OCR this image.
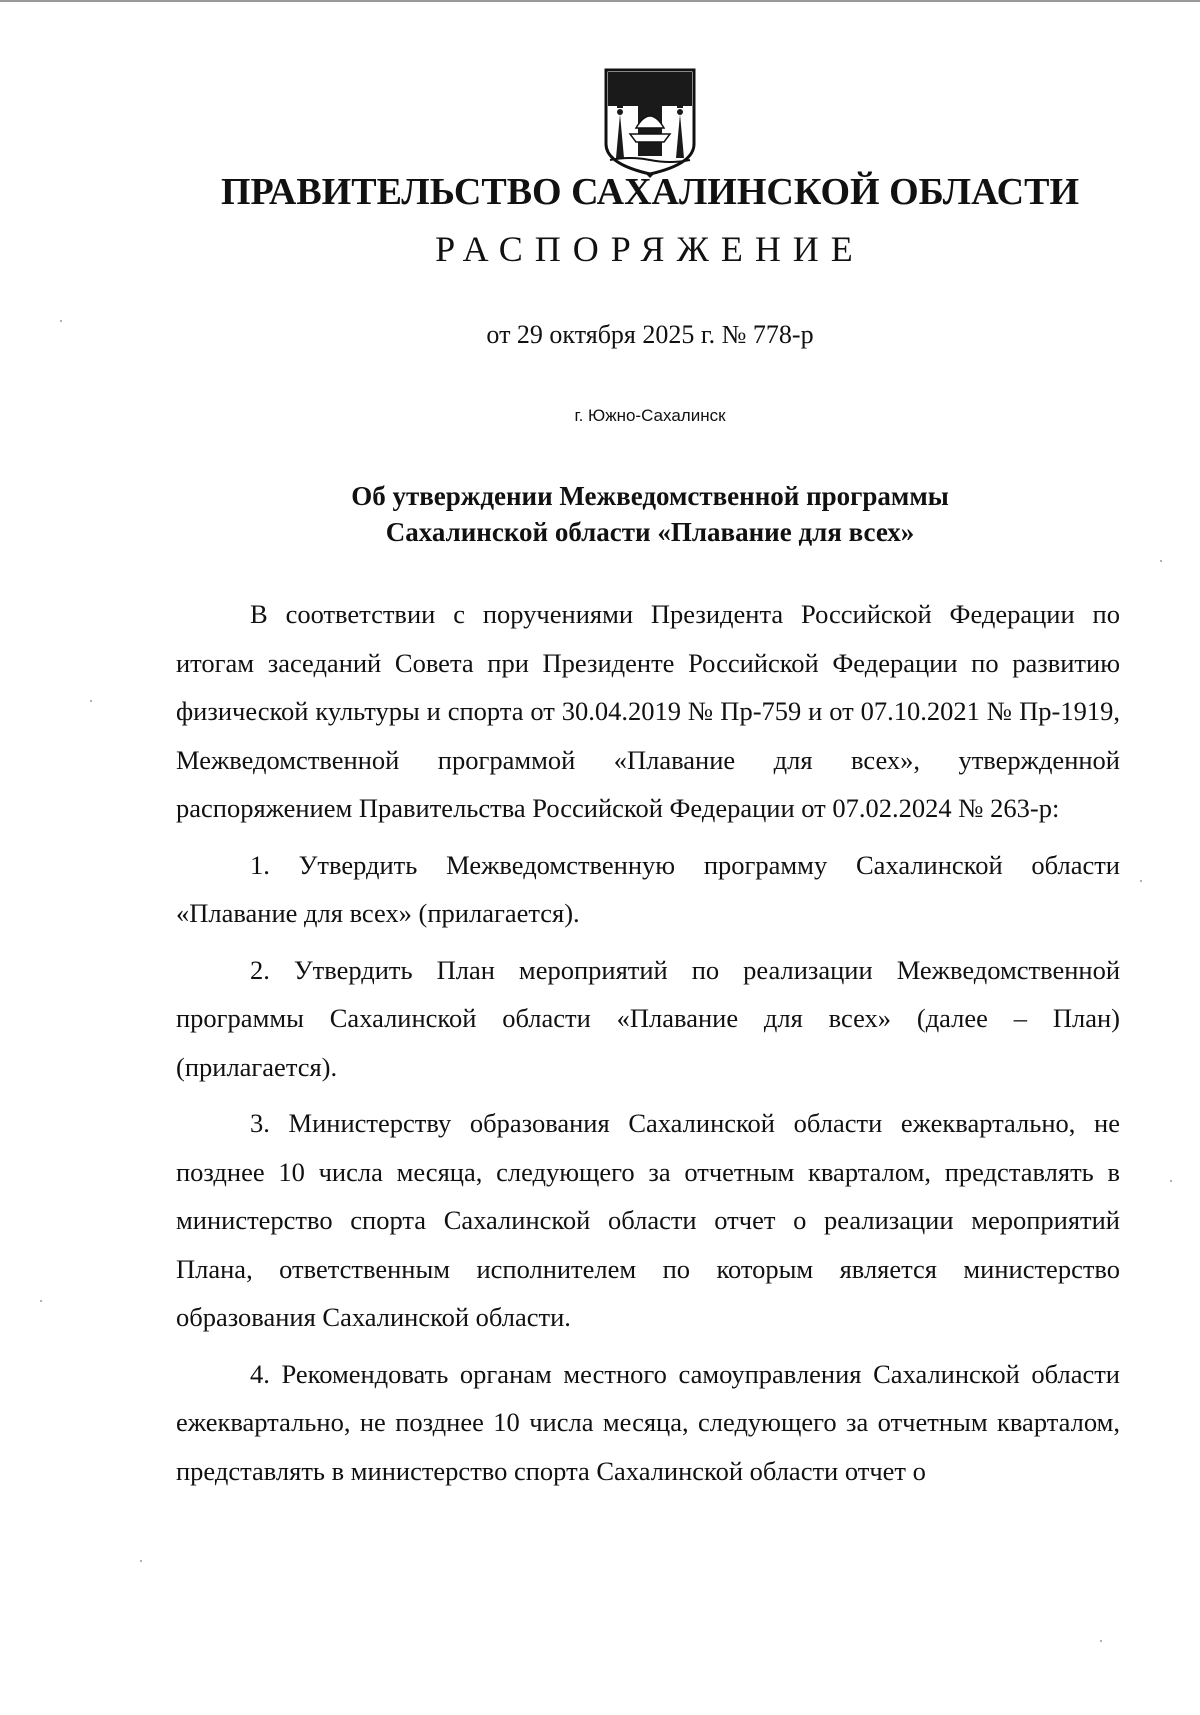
ПРАВИТЕЛЬСТВО САХАЛИНСКОЙ ОБЛАСТИ
РАСПОРЯЖЕНИЕ

от 29 октября 2025 г. № 778-р

г. Южно-Сахалинск

Об утверждении Межведомственной программы
Сахалинской области «Плавание для всех»

В соответствии с поручениями Президента Российской Федерации по итогам заседаний Совета при Президенте Российской Федерации по развитию физической культуры и спорта от 30.04.2019 № Пр-759 и от 07.10.2021 № Пр-1919, Межведомственной программой «Плавание для всех», утвержденной распоряжением Правительства Российской Федерации от 07.02.2024 № 263-р:

1. Утвердить Межведомственную программу Сахалинской области «Плавание для всех» (прилагается).

2. Утвердить План мероприятий по реализации Межведомственной программы Сахалинской области «Плавание для всех» (далее – План) (прилагается).

3. Министерству образования Сахалинской области ежеквартально, не позднее 10 числа месяца, следующего за отчетным кварталом, представлять в министерство спорта Сахалинской области отчет о реализации мероприятий Плана, ответственным исполнителем по которым является министерство образования Сахалинской области.

4. Рекомендовать органам местного самоуправления Сахалинской области ежеквартально, не позднее 10 числа месяца, следующего за отчетным кварталом, представлять в министерство спорта Сахалинской области отчет о
